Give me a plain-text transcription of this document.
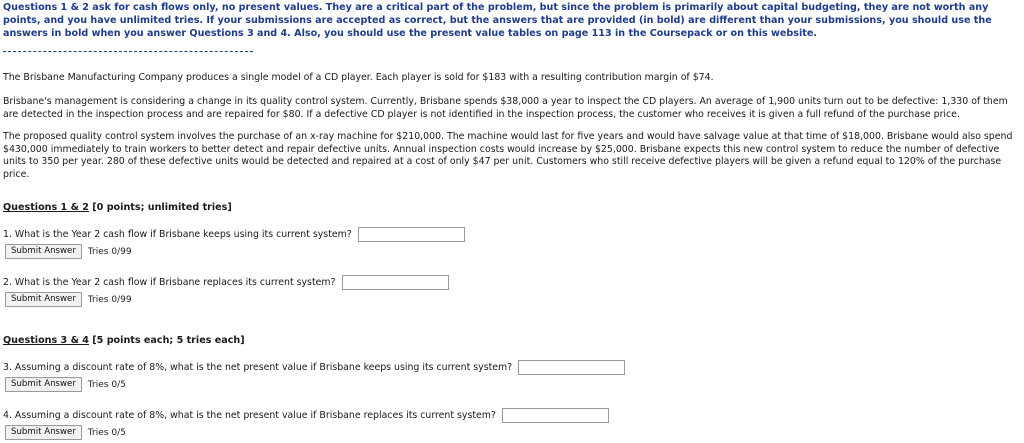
Questions 1 & 2 ask for cash flows only, no present values. They are a critical part of the problem, but since the problem is primarily about capital budgeting, they are not worth any points, and you have unlimited tries. If your submissions are accepted as correct, but the answers that are provided (in bold) are different than your submissions, you should use the answers in bold when you answer Questions 3 and 4. Also, you should use the present value tables on page 113 in the Coursepack or on this website.
The Brisbane Manufacturing Company produces a single model of a CD player. Each player is sold for $183 with a resulting contribution margin of $74.
Brisbane's management is considering a change in its quality control system. Currently, Brisbane spends $38,000 a year to inspect the CD players. An average of 1,900 units turn out to be defective: 1,330 of them are detected in the inspection process and are repaired for $80. If a defective CD player is not identified in the inspection process, the customer who receives it is given a full refund of the purchase price.
The proposed quality control system involves the purchase of an x-ray machine for $210,000. The machine would last for five years and would have salvage value at that time of $18,000. Brisbane would also spend $430,000 immediately to train workers to better detect and repair defective units. Annual inspection costs would increase by $25,000. Brisbane expects this new control system to reduce the number of defective units to 350 per year. 280 of these defective units would be detected and repaired at a cost of only $47 per unit. Customers who still receive defective players will be given a refund equal to 120% of the purchase price.
Questions 1 & 2 [0 points; unlimited tries]
1. What is the Year 2 cash flow if Brisbane keeps using its current system?
Submit Answer	Tries 0/99
2. What is the Year 2 cash flow if Brisbane replaces its current system?
Submit Answer	Tries 0/99
Questions 3 & 4 [5 points each; 5 tries each]
3. Assuming a discount rate of 8%, what is the net present value if Brisbane keeps using its current system?
Submit Answer	Tries 0/5
4. Assuming a discount rate of 8%, what is the net present value if Brisbane replaces its current system?
Submit Answer	Tries 0/5
